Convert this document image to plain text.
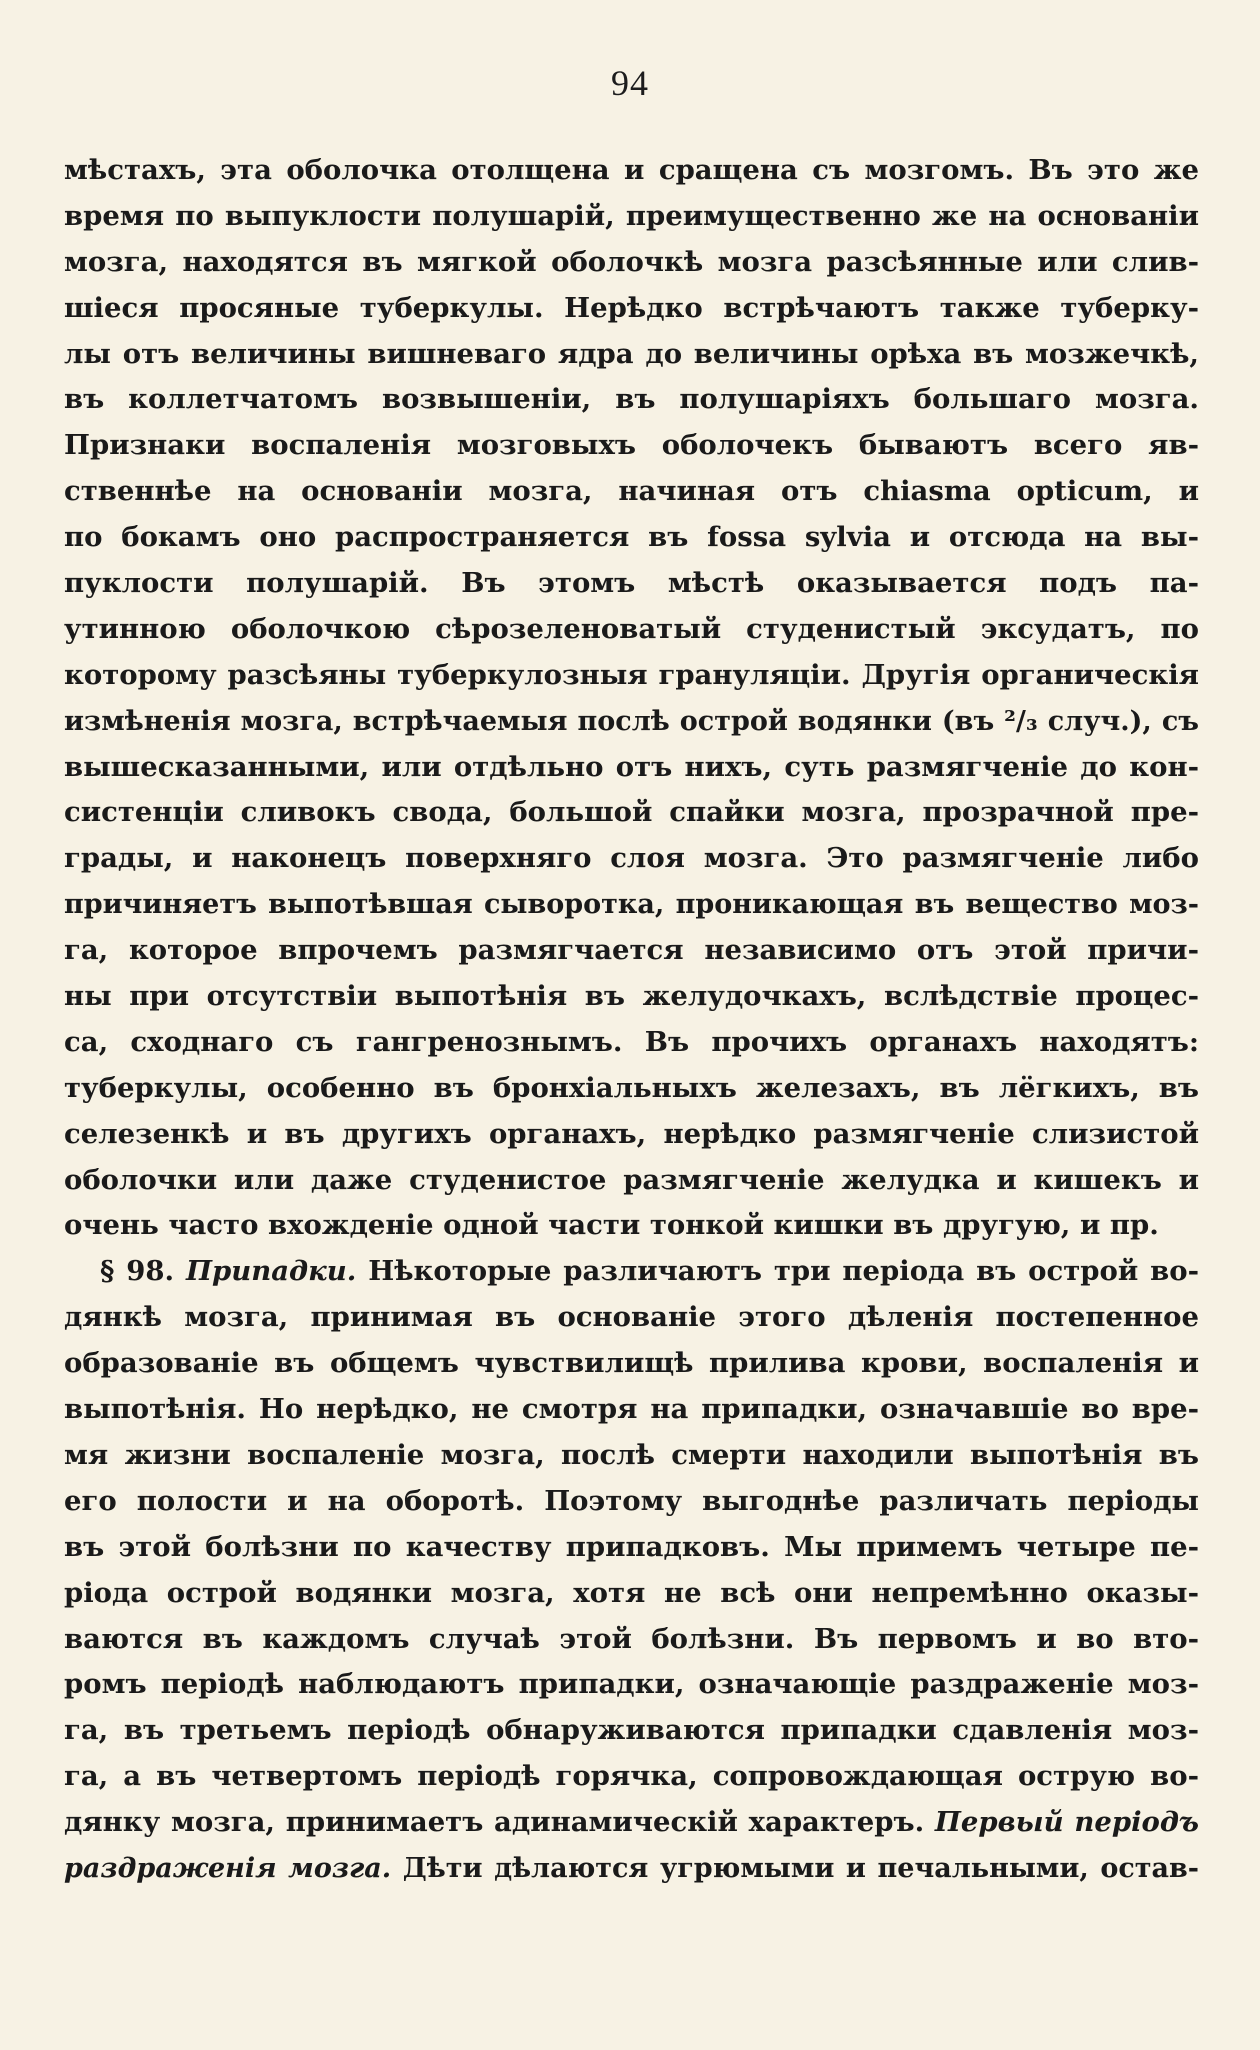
94
мѣстахъ, эта оболочка отолщена и сращена съ мозгомъ. Въ это же
время по выпуклости полушарій, преимущественно же на основаніи
мозга, находятся въ мягкой оболочкѣ мозга разсѣянные или слив-
шіеся просяные туберкулы. Нерѣдко встрѣчаютъ также туберку-
лы отъ величины вишневаго ядра до величины орѣха въ мозжечкѣ,
въ коллетчатомъ возвышеніи, въ полушаріяхъ большаго мозга.
Признаки воспаленія мозговыхъ оболочекъ бываютъ всего яв-
ственнѣе на основаніи мозга, начиная отъ chiasma opticum, и
по бокамъ оно распространяется въ fossa sylvia и отсюда на вы-
пуклости полушарій. Въ этомъ мѣстѣ оказывается подъ па-
утинною оболочкою сѣрозеленоватый студенистый эксудатъ, по
которому разсѣяны туберкулозныя грануляціи. Другія органическія
измѣненія мозга, встрѣчаемыя послѣ острой водянки (въ ²/₃ случ.), съ
вышесказанными, или отдѣльно отъ нихъ, суть размягченіе до кон-
систенціи сливокъ свода, большой спайки мозга, прозрачной пре-
грады, и наконецъ поверхняго слоя мозга. Это размягченіе либо
причиняетъ выпотѣвшая сыворотка, проникающая въ вещество моз-
га, которое впрочемъ размягчается независимо отъ этой причи-
ны при отсутствіи выпотѣнія въ желудочкахъ, вслѣдствіе процес-
са, сходнаго съ гангренознымъ. Въ прочихъ органахъ находятъ:
туберкулы, особенно въ бронхіальныхъ железахъ, въ лёгкихъ, въ
селезенкѣ и въ другихъ органахъ, нерѣдко размягченіе слизистой
оболочки или даже студенистое размягченіе желудка и кишекъ и
очень часто вхожденіе одной части тонкой кишки въ другую, и пр.
§ 98. Припадки. Нѣкоторые различаютъ три періода въ острой во-
дянкѣ мозга, принимая въ основаніе этого дѣленія постепенное
образованіе въ общемъ чувствилищѣ прилива крови, воспаленія и
выпотѣнія. Но нерѣдко, не смотря на припадки, означавшіе во вре-
мя жизни воспаленіе мозга, послѣ смерти находили выпотѣнія въ
его полости и на оборотѣ. Поэтому выгоднѣе различать періоды
въ этой болѣзни по качеству припадковъ. Мы примемъ четыре пе-
ріода острой водянки мозга, хотя не всѣ они непремѣнно оказы-
ваются въ каждомъ случаѣ этой болѣзни. Въ первомъ и во вто-
ромъ періодѣ наблюдаютъ припадки, означающіе раздраженіе моз-
га, въ третьемъ періодѣ обнаруживаются припадки сдавленія моз-
га, а въ четвертомъ періодѣ горячка, сопровождающая острую во-
дянку мозга, принимаетъ адинамическій характеръ. Первый періодъ
раздраженія мозга. Дѣти дѣлаются угрюмыми и печальными, остав-
